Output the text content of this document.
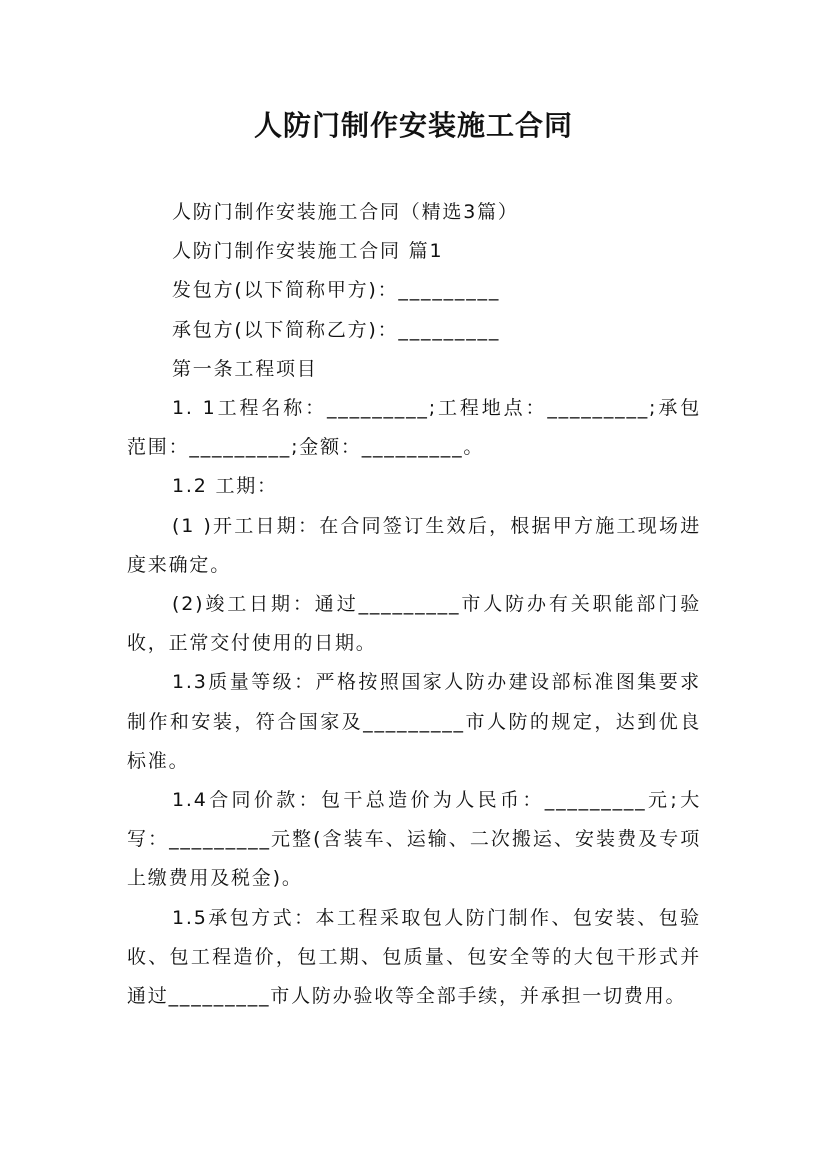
人防门制作安装施工合同

人防门制作安装施工合同（精选3篇）

人防门制作安装施工合同 篇1

发包方(以下简称甲方)：_________

承包方(以下简称乙方)：_________

第一条工程项目

1. 1工程名称：_________;工程地点：_________;承包范围：_________;金额：_________。

1.2 工期：

(1 )开工日期：在合同签订生效后，根据甲方施工现场进度来确定。

(2)竣工日期：通过_________市人防办有关职能部门验收，正常交付使用的日期。

1.3质量等级：严格按照国家人防办建设部标准图集要求制作和安装，符合国家及_________市人防的规定，达到优良标准。

1.4合同价款：包干总造价为人民币：_________元;大写：_________元整(含装车、运输、二次搬运、安装费及专项上缴费用及税金)。

1.5承包方式：本工程采取包人防门制作、包安装、包验收、包工程造价，包工期、包质量、包安全等的大包干形式并通过_________市人防办验收等全部手续，并承担一切费用。
